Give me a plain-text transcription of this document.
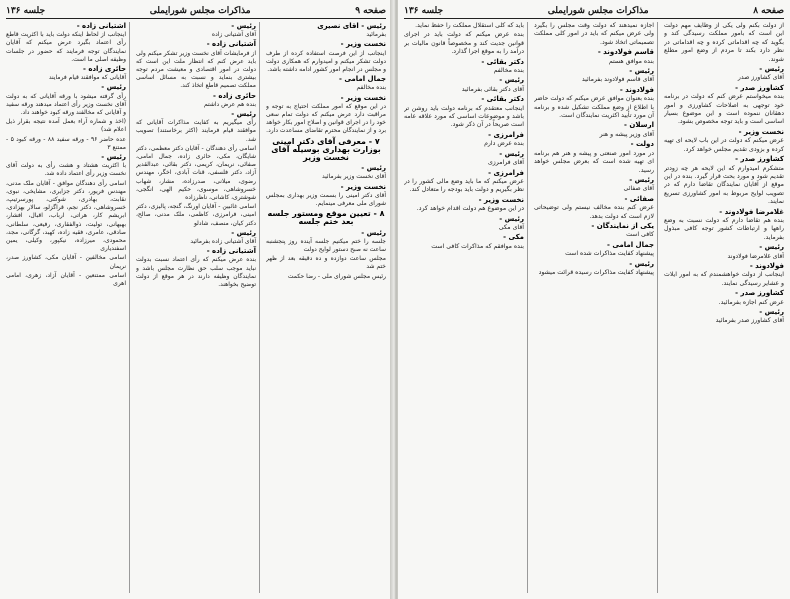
صفحه ۹
مذاکرات مجلس شورایملی
جلسه ۱۳۶
رئیس - آقای نصیری

بفرمائید

نخست وزیر -

اینجانب از این فرصت استفاده کرده از طرف دولت تشکر میکنم و امیدوارم که همکاری دولت و مجلس در انجام امور کشور ادامه داشته باشد.

جمال امامی -

بنده مخالفم

نخست وزیر -

در این موقع که امور مملکت احتیاج به توجه و مراقبت دارد عرض میکنم که دولت تمام سعی خود را در اجرای قوانین و اصلاح امور بکار خواهد برد و از نمایندگان محترم تقاضای مساعدت دارد.

۷ - معرفی آقای دکتر امینی بوزارت بهداری بوسیله آقای نخست وزیر
رئیس -

آقای نخست وزیر بفرمائید

نخست وزیر -

آقای دکتر امینی را بسمت وزیر بهداری بمجلس شورای ملی معرفی مینمایم.

۸ - تعیین موقع ومستور جلسه بعد ختم جلسه
رئیس -

جلسه را ختم میکنیم جلسه آینده روز پنجشنبه ساعت نه صبح دستور لوایح دولت

مجلس ساعت دوازده و ده دقیقه بعد از ظهر ختم شد

رئیس مجلس شورای ملی - رضا حکمت

رئیس -

آقای آشتیانی زاده

آشتیانی زاده -

از فرمایشات آقای نخست وزیر تشکر میکنم ولی باید عرض کنم که انتظار ملت این است که دولت در امور اقتصادی و معیشت مردم توجه بیشتری بنماید و نسبت به مسائل اساسی مملکت تصمیم قاطع اتخاذ کند.

حائری زاده -

بنده هم عرض داشتم

رئیس -

رأی میگیریم به کفایت مذاکرات آقایانی که موافقند قیام فرمایند (اکثر برخاستند) تصویب شد.

اسامی رأی دهندگان - آقایان دکتر معظمی، دکتر شایگان، مکی، حائری زاده، جمال امامی، صفائی، نریمان، کریمی، دکتر بقائی، عبدالقدیر آزاد، دکتر فلسفی، قنات آبادی، اخگر، مهندس رضوی، میلانی، صدرزاده، مشار، شهاب خسروشاهی، موسوی، حکیم الهی، انگجی، شوشتری، کاشانی، ناظرزاده

اسامی غائبین - آقایان اورنگ، گنجه، پالیزی، دکتر امینی، فرامرزی، کاظمی، ملک مدنی، صالح، دکتر کیان، منصف، شادلو

رئیس -

آقای آشتیانی زاده بفرمائید

آشتیانی زاده -

بنده عرض میکنم که رأی اعتماد نسبت بدولت نباید موجب سلب حق نظارت مجلس باشد و نمایندگان وظیفه دارند در هر موقع از دولت توضیح بخواهند.

آشتیانی زاده -

اینجانب از لحاظ اینکه دولت باید با اکثریت قاطع رأی اعتماد بگیرد عرض میکنم که آقایان نمایندگان توجه فرمایند که حضور در جلسات وظیفه اصلی ما است.

حائری زاده -

آقایانی که موافقند قیام فرمایند

رئیس -

رأی گرفته میشود با ورقه آقایانی که به دولت آقای نخست وزیر رأی اعتماد میدهند ورقه سفید و آقایانی که مخالفند ورقه کبود خواهند داد.

(اخذ و شماره آراء بعمل آمده نتیجه بقرار ذیل اعلام شد)

عده حاضر ۹۶ - ورقه سفید ۸۸ - ورقه کبود ۵ - ممتنع ۳

رئیس -

با اکثریت هشتاد و هشت رأی به دولت آقای نخست وزیر رأی اعتماد داده شد.

اسامی رأی دهندگان موافق - آقایان ملک مدنی، مهندس فریور، دکتر جزایری، مشایخی، نبوی، نقابت، بهادری، شوکتی، پورسرتیپ، خسروشاهی، دکتر نجم، قراگزلو، سالار بهزادی، ابریشم کار، هراتی، ارباب، اقبال، افشار، بهبهانی، تولیت، ذوالفقاری، رفیعی، سلطانی، صادقی، عامری، فقیه زاده، کهبد، گرگانی، مجد، محمودی، میرزاده، نیکپور، وکیلی، یمین اسفندیاری

اسامی مخالفین - آقایان مکی، کشاورز صدر، نریمان

اسامی ممتنعین - آقایان آزاد، زهری، امامی اهری

صفحه ۸
مذاکرات مجلس شورایملی
جلسه ۱۳۶

از دولت بکنم ولی یکی از وظایف مهم دولت این است که بامور مملکت رسیدگی کند و بگوید که چه اقداماتی کرده و چه اقداماتی در نظر دارد بکند تا مردم از وضع امور مطلع شوند.

رئیس -

آقای کشاورز صدر

کشاورز صدر -

بنده میخواستم عرض کنم که دولت در برنامه خود توجهی به اصلاحات کشاورزی و امور دهقانان ننموده است و این موضوع بسیار اساسی است و باید توجه مخصوص بشود.

نخست وزیر -

عرض میکنم که دولت در این باب لایحه ای تهیه کرده و بزودی تقدیم مجلس خواهد کرد.

کشاورز صدر -

متشکرم امیدوارم که این لایحه هر چه زودتر تقدیم شود و مورد بحث قرار گیرد. بنده در این موقع از آقایان نمایندگان تقاضا دارم که در تصویب لوایح مربوط به امور کشاورزی تسریع نمایند.

غلامرضا فولادوند -

بنده هم تقاضا دارم که دولت نسبت به وضع راهها و ارتباطات کشور توجه کافی مبذول بفرماید.

رئیس -

آقای غلامرضا فولادوند

فولادوند -

اینجانب از دولت خواهشمندم که به امور ایلات و عشایر رسیدگی نمایند.

کشاورز صدر -

عرض کنم اجازه بفرمائید.

رئیس -

آقای کشاورز صدر بفرمائید

اجازه نمیدهند که دولت وقت مجلس را بگیرد ولی عرض میکنم که باید در امور کلی مملکت تصمیماتی اتخاذ شود.

قاسم فولادوند -

بنده موافق هستم

رئیس -

آقای قاسم فولادوند بفرمائید

فولادوند -

بنده بعنوان موافق عرض میکنم که دولت حاضر با اطلاع از وضع مملکت تشکیل شده و برنامه آن مورد تأیید اکثریت نمایندگان است.

ارسلان -

آقای وزیر پیشه و هنر

دولت -

در مورد امور صنعتی و پیشه و هنر هم برنامه ای تهیه شده است که بعرض مجلس خواهد رسید.

رئیس -

آقای صفائی

صفائی -

عرض کنم بنده مخالف نیستم ولی توضیحاتی لازم است که دولت بدهد.

یکی از نمایندگان -

کافی است

جمال امامی -

پیشنهاد کفایت مذاکرات شده است

رئیس -

پیشنهاد کفایت مذاکرات رسیده قرائت میشود

باید که کلی استقلال مملکت را حفظ نماید.

بنده عرض میکنم که دولت باید در اجرای قوانین جدیت کند و مخصوصاً قانون مالیات بر درآمد را به موقع اجرا گذارد.

دکتر بقائی -

بنده مخالفم

رئیس -

آقای دکتر بقائی بفرمائید

دکتر بقائی -

اینجانب معتقدم که برنامه دولت باید روشن تر باشد و موضوعات اساسی که مورد علاقه عامه است صریحاً در آن ذکر شود.

فرامرزی -

بنده عرض دارم

رئیس -

آقای فرامرزی

فرامرزی -

عرض میکنم که ما باید وضع مالی کشور را در نظر بگیریم و دولت باید بودجه را متعادل کند.

نخست وزیر -

در این موضوع هم دولت اقدام خواهد کرد.

رئیس -

آقای مکی

مکی -

بنده موافقم که مذاکرات کافی است
